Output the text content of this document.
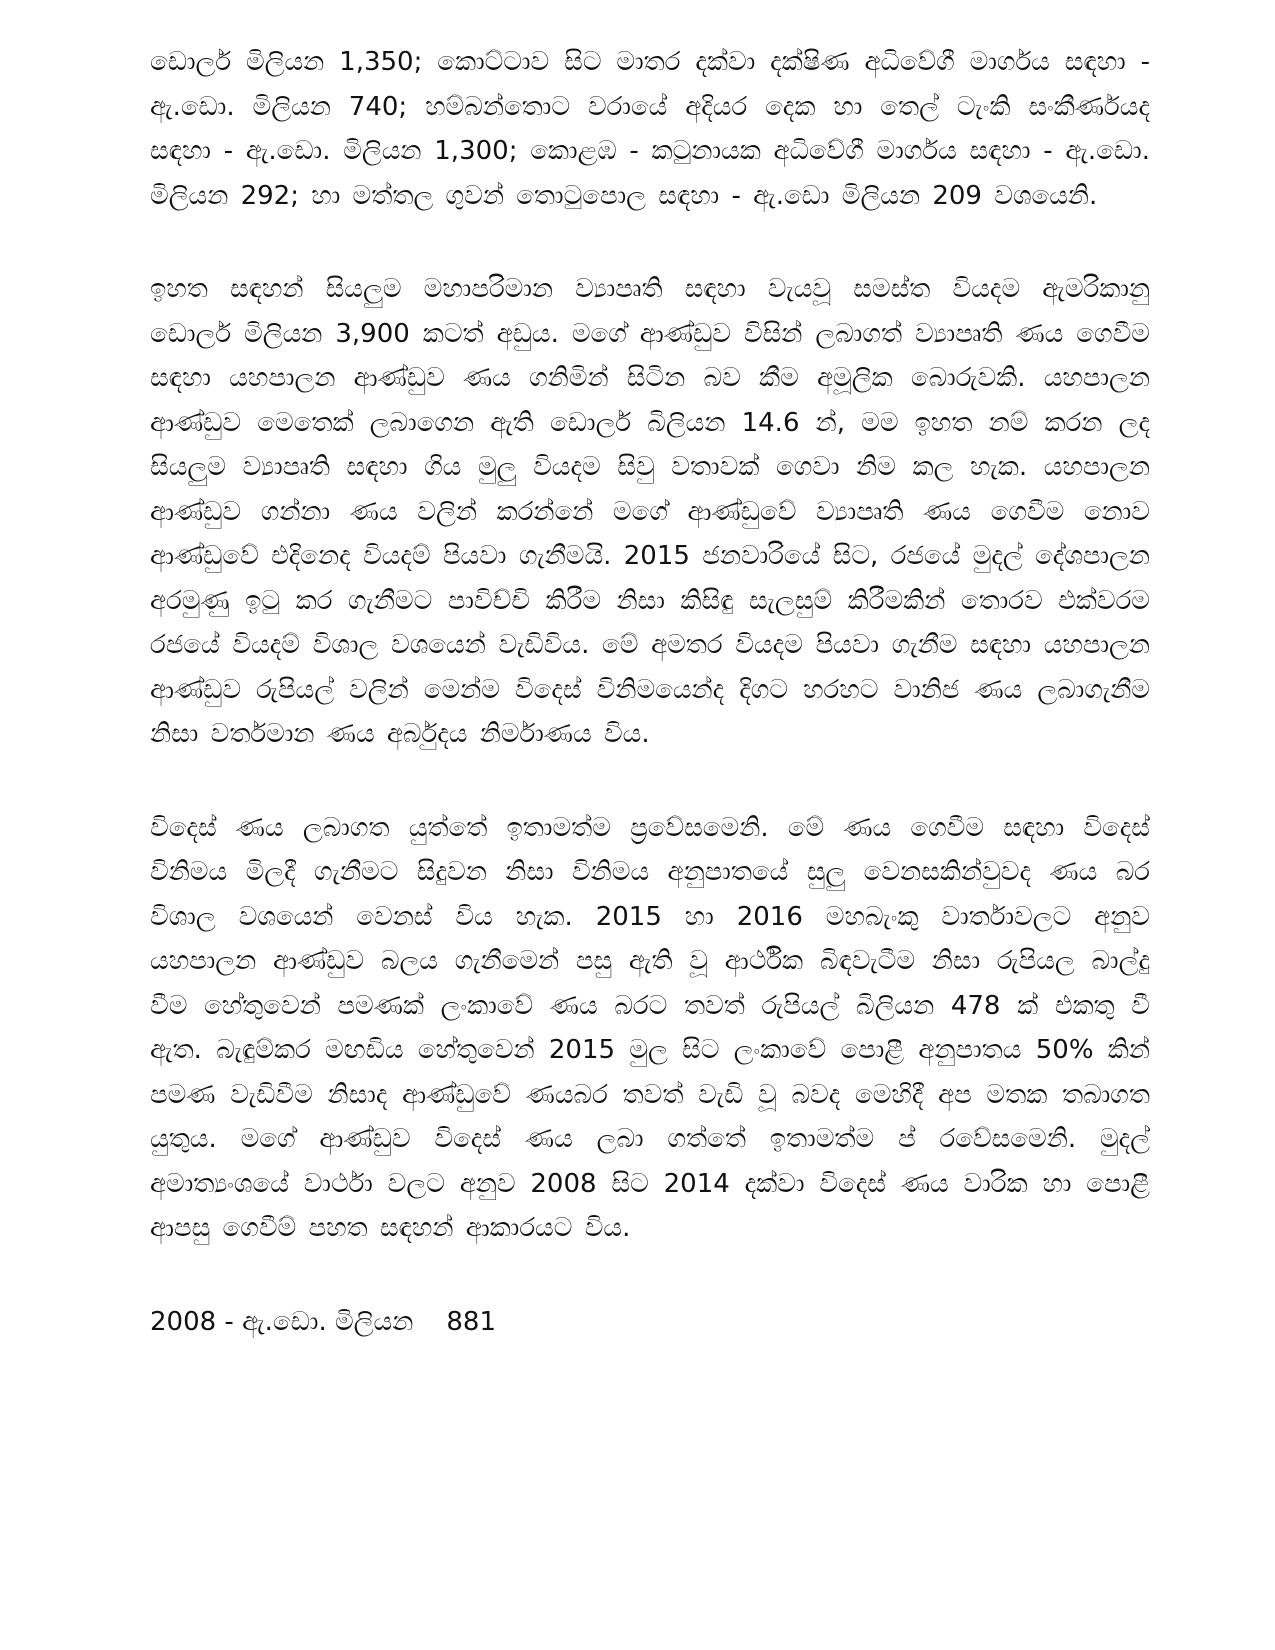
ඩොලර් මිලියන 1,350; කොට්ටාව සිට මාතර දක්වා දක්ෂිණ අධිවේගී මාර්ගය සඳහා - ඇ.ඩො. මිලියන 740; හම්බන්තොට වරායේ අදියර දෙක හා තෙල් ටැංකි සංකීර්ණයද සඳහා - ඇ.ඩො. මිලියන 1,300; කොළඹ - කටුනායක අධිවේගී මාර්ගය සඳහා - ඇ.ඩො. මිලියන 292; හා මත්තල ගුවන් තොටුපොල සඳහා - ඇ.ඩො මිලියන 209 වශයෙනි.

ඉහත සඳහන් සියලුම මහාපරිමාන ව්‍යාපෘති සඳහා වැයවූ සමස්ත වියදම ඇමරිකානු ඩොලර් මිලියන 3,900 කටත් අඩුය. මගේ ආණ්ඩුව විසින් ලබාගත් ව්‍යාපෘති ණය ගෙවීම සඳහා යහපාලන ආණ්ඩුව ණය ගනිමින් සිටින බව කීම අමූලික බොරුවකි. යහපාලන ආණ්ඩුව මෙතෙක් ලබාගෙන ඇති ඩොලර් බිලියන 14.6 න්, මම ඉහත නම් කරන ලද සියලුම ව්‍යාපෘති සඳහා ගිය මුලු වියදම සිවු වතාවක් ගෙවා නිම කල හැක. යහපාලන ආණ්ඩුව ගන්නා ණය වලින් කරන්නේ මගේ ආණ්ඩුවේ ව්‍යාපෘති ණය ගෙවීම නොව ආණ්ඩුවේ එදිනෙද වියදම් පියවා ගැනීමයි. 2015 ජනවාරියේ සිට, රජයේ මුදල් දේශපාලන අරමුණු ඉටු කර ගැනීමට පාවිච්චි කිරීම නිසා කිසිඳු සැලසුම් කිරීමකින් තොරව එක්වරම රජයේ වියදම් විශාල වශයෙන් වැඩිවිය. මේ අමතර වියදම පියවා ගැනීම සඳහා යහපාලන ආණ්ඩුව රුපියල් වලින් මෙන්ම විදෙස් විනිමයෙන්ද දිගට හරහට වානිජ ණය ලබාගැනීම නිසා වර්තමාන ණය අර්බුදය නිර්මාණය විය.

විදෙස් ණය ලබාගත යුත්තේ ඉතාමත්ම ප්‍රවේසමෙනි. මේ ණය ගෙවීම සඳහා විදෙස් විනිමය මිලදී ගැනීමට සිදුවන නිසා විනිමය අනුපාතයේ සුලු වෙනසකින්වුවද ණය බර විශාල වශයෙන් වෙනස් විය හැක. 2015 හා 2016 මහබැංකු වාර්තාවලට අනුව යහපාලන ආණ්ඩුව බලය ගැනීමෙන් පසු ඇති වූ ආර්ථික බිඳවැටීම නිසා රුපියල බාල්දු වීම හේතුවෙන් පමණක් ලංකාවේ ණය බරට තවත් රුපියල් බිලියන 478 ක් එකතු වී ඇත. බැඳුම්කර මඟඩිය හේතුවෙන් 2015 මුල සිට ලංකාවේ පොළී අනුපාතය 50% කින් පමණ වැඩිවීම නිසාද ආණ්ඩුවේ ණයබර තවත් වැඩි වූ බවද මෙහිදී අප මතක තබාගත යුතුය. මගේ ආණ්ඩුව විදෙස් ණය ලබා ගත්තේ ඉතාමත්ම ප් රවේසමෙනි. මුදල් අමාත්‍යංශයේ වාර්ථා වලට අනුව 2008 සිට 2014 දක්වා විදෙස් ණය වාරික හා පොළී ආපසු ගෙවීම් පහත සඳහන් ආකාරයට විය.

2008 - ඇ.ඩො. මිලියන    881
